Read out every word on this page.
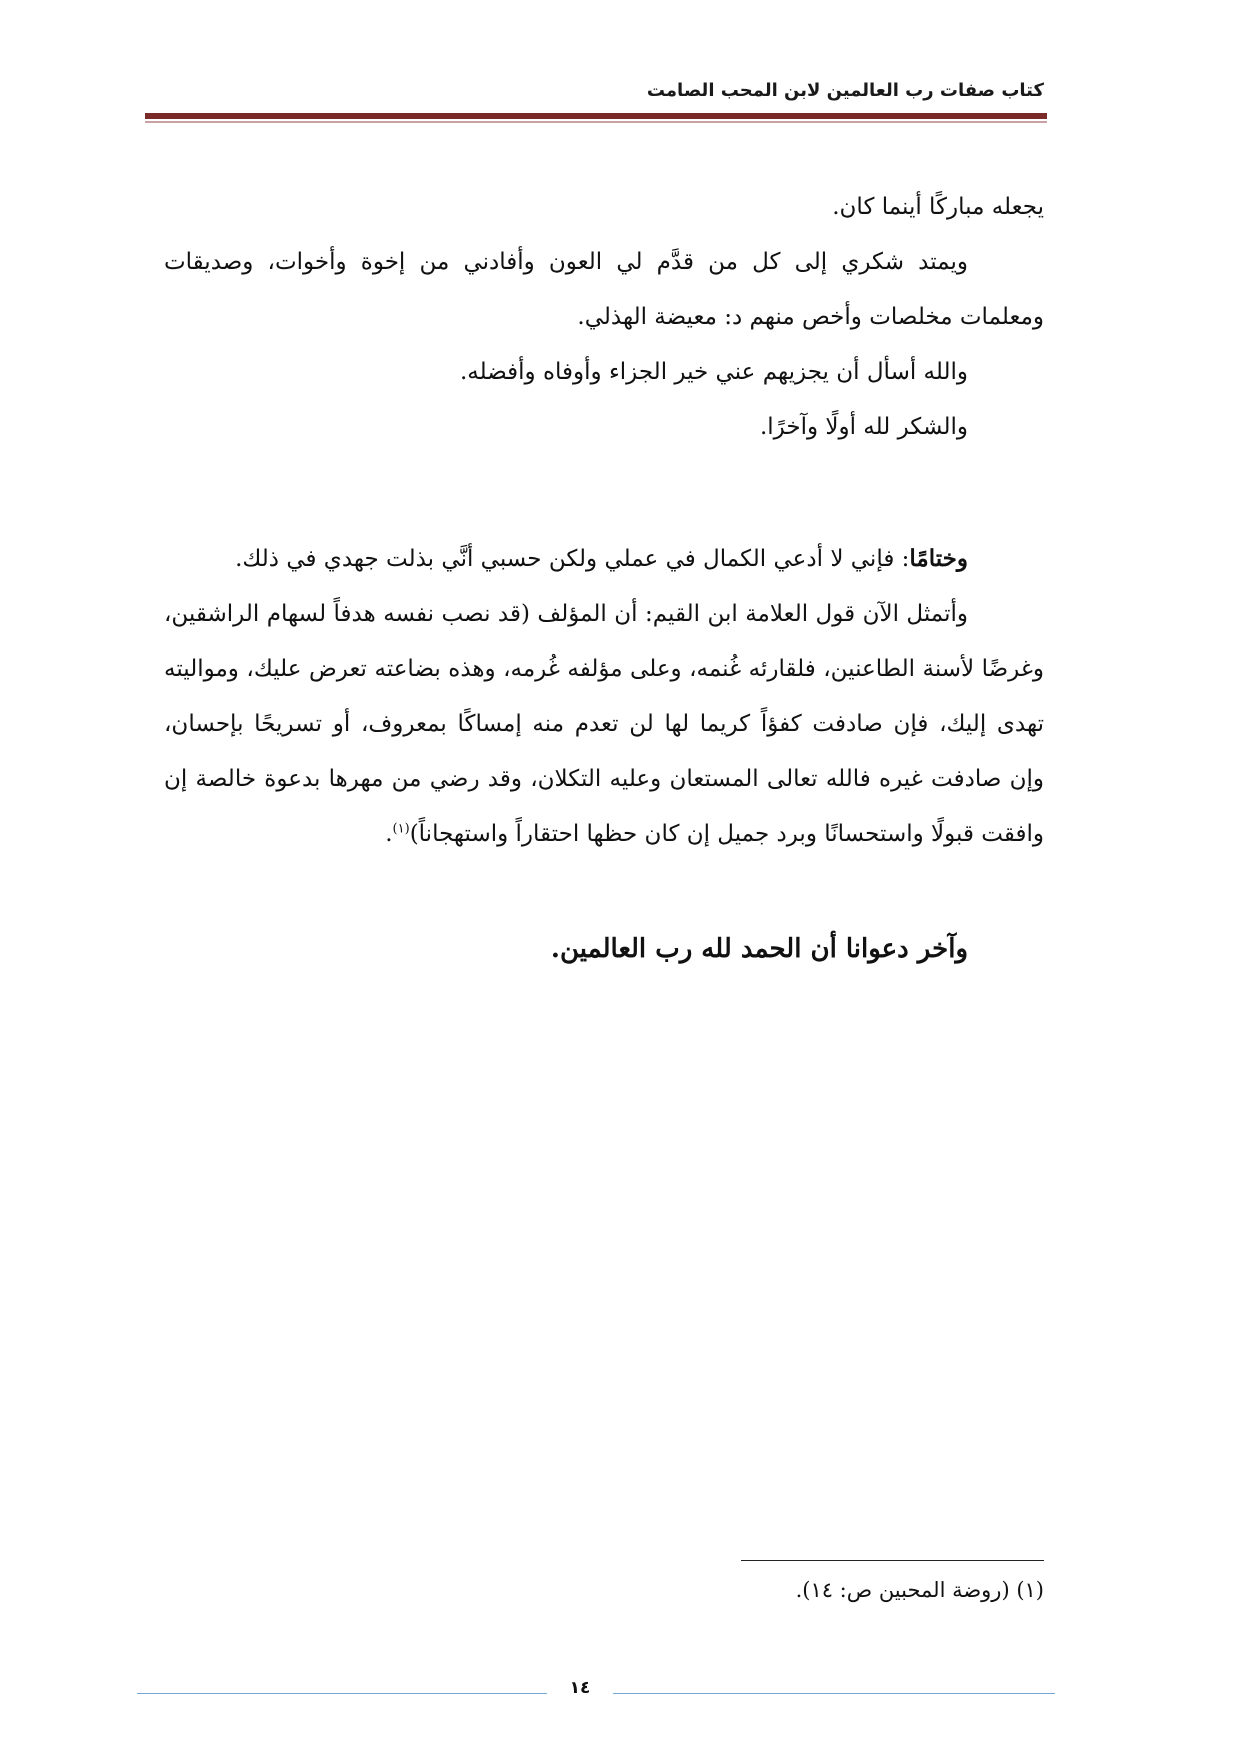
كتاب صفات رب العالمين لابن المحب الصامت
يجعله مباركًا أينما كان.
ويمتد شكري إلى كل من قدَّم لي العون وأفادني من إخوة وأخوات، وصديقات
ومعلمات مخلصات وأخص منهم د: معيضة الهذلي.
والله أسأل أن يجزيهم عني خير الجزاء وأوفاه وأفضله.
والشكر لله أولًا وآخرًا.
وختامًا: فإني لا أدعي الكمال في عملي ولكن حسبي أنَّي بذلت جهدي في ذلك.
وأتمثل الآن قول العلامة ابن القيم: أن المؤلف (قد نصب نفسه هدفاً لسهام الراشقين،
وغرضًا لأسنة الطاعنين، فلقارئه غُنمه، وعلى مؤلفه غُرمه، وهذه بضاعته تعرض عليك، ومواليته
تهدى إليك، فإن صادفت كفؤاً كريما لها لن تعدم منه إمساكًا بمعروف، أو تسريحًا بإحسان،
وإن صادفت غيره فالله تعالى المستعان وعليه التكلان، وقد رضي من مهرها بدعوة خالصة إن
وافقت قبولًا واستحسانًا وبرد جميل إن كان حظها احتقاراً واستهجاناً)$^{(١)}$.
وآخر دعوانا أن الحمد لله رب العالمين.
(١) (روضة المحبين ص: ١٤).
١٤
